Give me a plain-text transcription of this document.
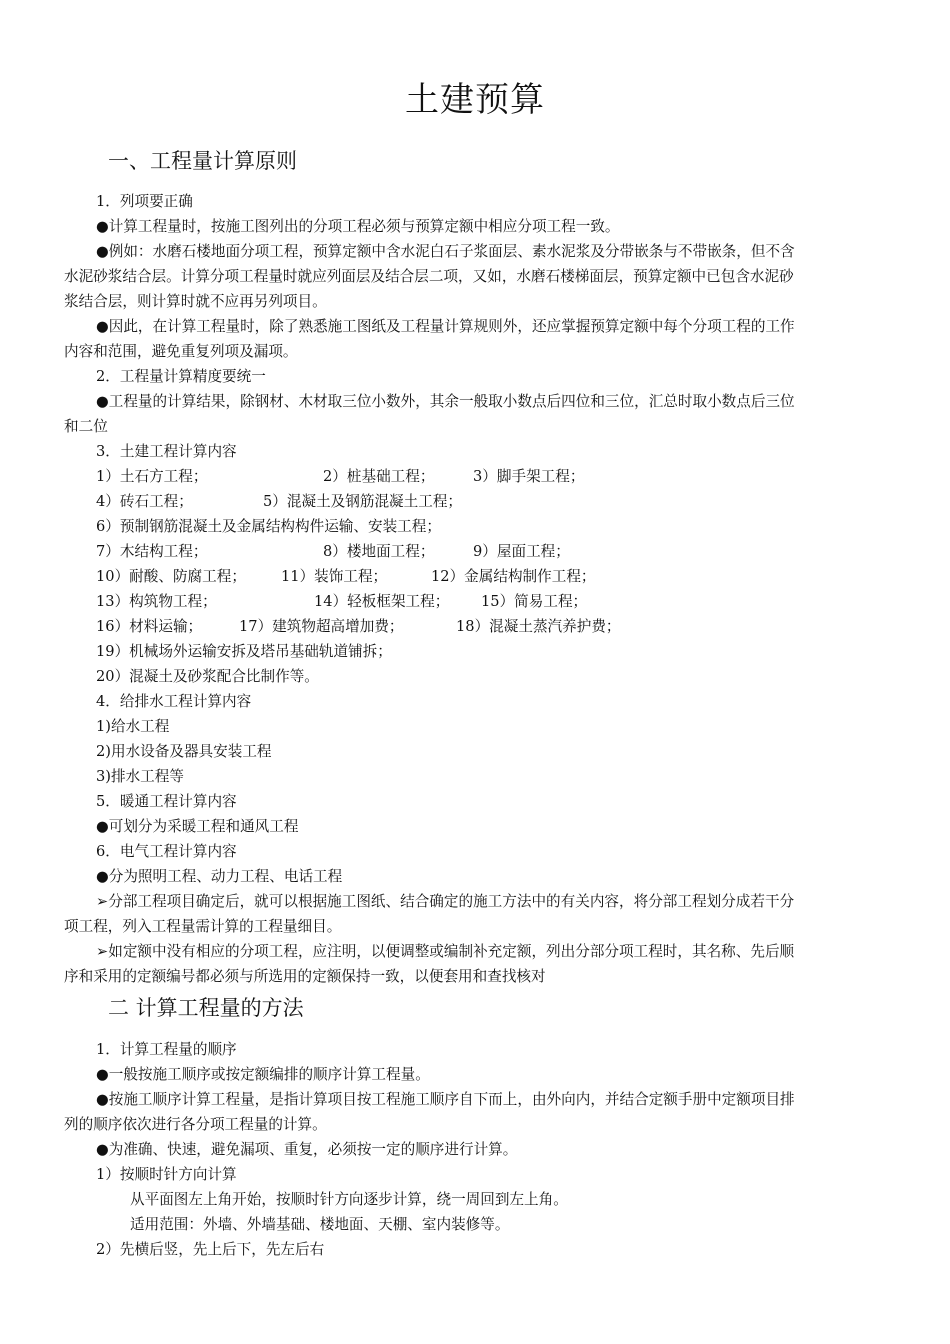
土建预算
一、工程量计算原则
1．列项要正确
●计算工程量时，按施工图列出的分项工程必须与预算定额中相应分项工程一致。
●例如：水磨石楼地面分项工程，预算定额中含水泥白石子浆面层、素水泥浆及分带嵌条与不带嵌条，但不含
水泥砂浆结合层。计算分项工程量时就应列面层及结合层二项，又如，水磨石楼梯面层，预算定额中已包含水泥砂
浆结合层，则计算时就不应再另列项目。
●因此，在计算工程量时，除了熟悉施工图纸及工程量计算规则外，还应掌握预算定额中每个分项工程的工作
内容和范围，避免重复列项及漏项。
2．工程量计算精度要统一
●工程量的计算结果，除钢材、木材取三位小数外，其余一般取小数点后四位和三位，汇总时取小数点后三位
和二位
3．土建工程计算内容
1）土石方工程；	2）桩基础工程；	3）脚手架工程；
4）砖石工程；	5）混凝土及钢筋混凝土工程；
6）预制钢筋混凝土及金属结构构件运输、安装工程；
7）木结构工程；	8）楼地面工程；	9）屋面工程；
10）耐酸、防腐工程； 11）装饰工程；	12）金属结构制作工程；
13）构筑物工程；	14）轻板框架工程； 15）简易工程；
16）材料运输；	17）建筑物超高增加费；	18）混凝土蒸汽养护费；
19）机械场外运输安拆及塔吊基础轨道铺拆；
20）混凝土及砂浆配合比制作等。
4．给排水工程计算内容
1)给水工程
2)用水设备及器具安装工程
3)排水工程等
5．暖通工程计算内容
●可划分为采暖工程和通风工程
6．电气工程计算内容
●分为照明工程、动力工程、电话工程
➢分部工程项目确定后，就可以根据施工图纸、结合确定的施工方法中的有关内容，将分部工程划分成若干分
项工程，列入工程量需计算的工程量细目。
➢如定额中没有相应的分项工程，应注明，以便调整或编制补充定额，列出分部分项工程时，其名称、先后顺
序和采用的定额编号都必须与所选用的定额保持一致，以便套用和查找核对
二 计算工程量的方法
1．计算工程量的顺序
●一般按施工顺序或按定额编排的顺序计算工程量。
●按施工顺序计算工程量，是指计算项目按工程施工顺序自下而上，由外向内，并结合定额手册中定额项目排
列的顺序依次进行各分项工程量的计算。
●为准确、快速，避免漏项、重复，必须按一定的顺序进行计算。
1）按顺时针方向计算
从平面图左上角开始，按顺时针方向逐步计算，绕一周回到左上角。
适用范围：外墙、外墙基础、楼地面、天棚、室内装修等。
2）先横后竖，先上后下，先左后右
